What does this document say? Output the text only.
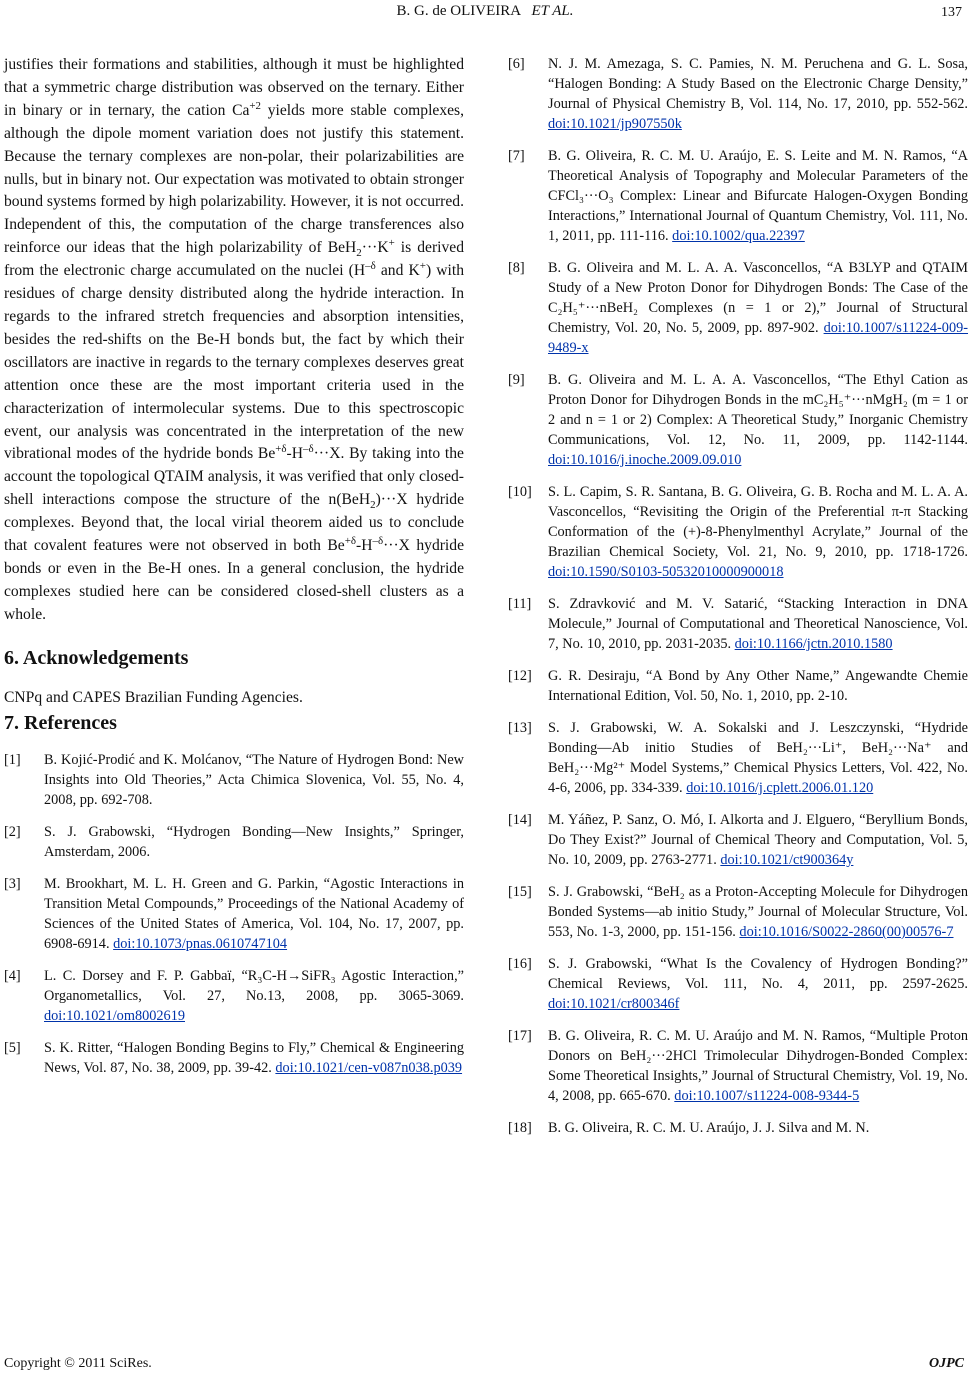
B. G. de OLIVEIRA ET AL.	137

justifies their formations and stabilities, although it must be highlighted that a symmetric charge distribution was observed on the ternary. Either in binary or in ternary, the cation $Ca^{+2}$ yields more stable complexes, although the dipole moment variation does not justify this statement. Because the ternary complexes are non-polar, their polarizabilities are nulls, but in binary not. Our expectation was motivated to obtain stronger bound systems formed by high polarizability. However, it is not occurred. Independent of this, the computation of the charge transferences also reinforce our ideas that the high polarizability of BeH$_2$···K+ is derived from the electronic charge accumulated on the nuclei ($H^{-\delta}$ and K+) with residues of charge density distributed along the hydride interaction. In regards to the infrared stretch frequencies and absorption intensities, besides the red-shifts on the Be-H bonds but, the fact by which their oscillators are inactive in regards to the ternary complexes deserves great attention once these are the most important criteria used in the characterization of intermolecular systems. Due to this spectroscopic event, our analysis was concentrated in the interpretation of the new vibrational modes of the hydride bonds $Be^{+\delta}-H^{-\delta}\cdot\cdot\cdot X$. By taking into the account the topological QTAIM analysis, it was verified that only closed-shell interactions compose the structure of the n(BeH$_2$)···X hydride complexes. Beyond that, the local virial theorem aided us to conclude that covalent features were not observed in both $Be^{+\delta}-H^{-\delta}\cdot\cdot\cdot X$ hydride bonds or even in the Be-H ones. In a general conclusion, the hydride complexes studied here can be considered closed-shell clusters as a whole.

6. Acknowledgements

CNPq and CAPES Brazilian Funding Agencies.

7. References
[1]	B. Kojić-Prodić and K. Molćanov, “The Nature of Hydrogen Bond: New Insights into Old Theories,” Acta Chimica Slovenica, Vol. 55, No. 4, 2008, pp. 692-708.
[2]	S. J. Grabowski, “Hydrogen Bonding―New Insights,” Springer, Amsterdam, 2006.
[3]	M. Brookhart, M. L. H. Green and G. Parkin, “Agostic Interactions in Transition Metal Compounds,” Proceedings of the National Academy of Sciences of the United States of America, Vol. 104, No. 17, 2007, pp. 6908-6914. doi:10.1073/pnas.0610747104
[4]	L. C. Dorsey and F. P. Gabbaï, “R₃C-H→SiFR₃ Agostic Interaction,” Organometallics, Vol. 27, No.13, 2008, pp. 3065-3069. doi:10.1021/om8002619
[5]	S. K. Ritter, “Halogen Bonding Begins to Fly,” Chemical & Engineering News, Vol. 87, No. 38, 2009, pp. 39-42. doi:10.1021/cen-v087n038.p039
[6]	N. J. M. Amezaga, S. C. Pamies, N. M. Peruchena and G. L. Sosa, “Halogen Bonding: A Study Based on the Electronic Charge Density,” Journal of Physical Chemistry B, Vol. 114, No. 17, 2010, pp. 552-562. doi:10.1021/jp907550k
[7]	B. G. Oliveira, R. C. M. U. Araújo, E. S. Leite and M. N. Ramos, “A Theoretical Analysis of Topography and Molecular Parameters of the CFCl₃···O₃ Complex: Linear and Bifurcate Halogen-Oxygen Bonding Interactions,” International Journal of Quantum Chemistry, Vol. 111, No. 1, 2011, pp. 111-116. doi:10.1002/qua.22397
[8]	B. G. Oliveira and M. L. A. A. Vasconcellos, “A B3LYP and QTAIM Study of a New Proton Donor for Dihydrogen Bonds: The Case of the C₂H₅⁺···nBeH₂ Complexes (n = 1 or 2),” Journal of Structural Chemistry, Vol. 20, No. 5, 2009, pp. 897-902. doi:10.1007/s11224-009-9489-x
[9]	B. G. Oliveira and M. L. A. A. Vasconcellos, “The Ethyl Cation as Proton Donor for Dihydrogen Bonds in the mC₂H₅⁺···nMgH₂ (m = 1 or 2 and n = 1 or 2) Complex: A Theoretical Study,” Inorganic Chemistry Communications, Vol. 12, No. 11, 2009, pp. 1142-1144. doi:10.1016/j.inoche.2009.09.010
[10]	S. L. Capim, S. R. Santana, B. G. Oliveira, G. B. Rocha and M. L. A. A. Vasconcellos, “Revisiting the Origin of the Preferential π-π Stacking Conformation of the (+)-8-Phenylmenthyl Acrylate,” Journal of the Brazilian Chemical Society, Vol. 21, No. 9, 2010, pp. 1718-1726. doi:10.1590/S0103-50532010000900018
[11]	S. Zdravković and M. V. Satarić, “Stacking Interaction in DNA Molecule,” Journal of Computational and Theoretical Nanoscience, Vol. 7, No. 10, 2010, pp. 2031-2035. doi:10.1166/jctn.2010.1580
[12]	G. R. Desiraju, “A Bond by Any Other Name,” Angewandte Chemie International Edition, Vol. 50, No. 1, 2010, pp. 2-10.
[13]	S. J. Grabowski, W. A. Sokalski and J. Leszczynski, “Hydride Bonding―Ab initio Studies of BeH₂···Li⁺, BeH₂···Na⁺ and BeH₂···Mg²⁺ Model Systems,” Chemical Physics Letters, Vol. 422, No. 4-6, 2006, pp. 334-339. doi:10.1016/j.cplett.2006.01.120
[14]	M. Yáñez, P. Sanz, O. Mó, I. Alkorta and J. Elguero, “Beryllium Bonds, Do They Exist?” Journal of Chemical Theory and Computation, Vol. 5, No. 10, 2009, pp. 2763-2771. doi:10.1021/ct900364y
[15]	S. J. Grabowski, “BeH₂ as a Proton-Accepting Molecule for Dihydrogen Bonded Systems―ab initio Study,” Journal of Molecular Structure, Vol. 553, No. 1-3, 2000, pp. 151-156. doi:10.1016/S0022-2860(00)00576-7
[16]	S. J. Grabowski, “What Is the Covalency of Hydrogen Bonding?” Chemical Reviews, Vol. 111, No. 4, 2011, pp. 2597-2625. doi:10.1021/cr800346f
[17]	B. G. Oliveira, R. C. M. U. Araújo and M. N. Ramos, “Multiple Proton Donors on BeH₂···2HCl Trimolecular Dihydrogen-Bonded Complex: Some Theoretical Insights,” Journal of Structural Chemistry, Vol. 19, No. 4, 2008, pp. 665-670. doi:10.1007/s11224-008-9344-5
[18]	B. G. Oliveira, R. C. M. U. Araújo, J. J. Silva and M. N.
Copyright © 2011 SciRes.	OJPC
